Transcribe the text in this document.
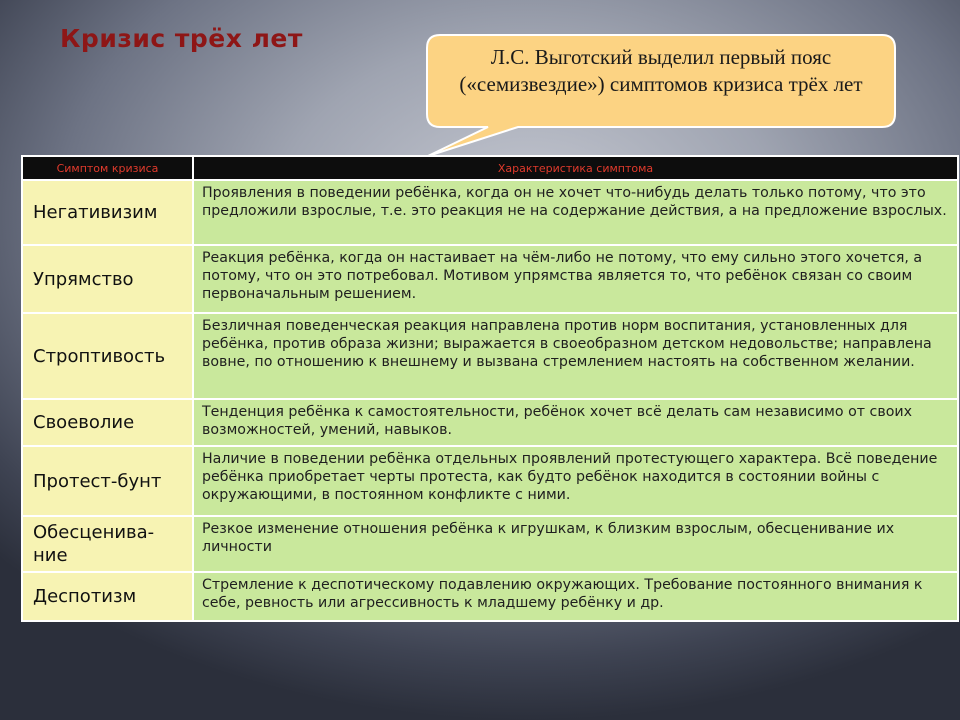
Кризис трёх лет
Л.С. Выготский выделил первый пояс («семизвездие») симптомов кризиса трёх лет
Симптом кризиса	Характеристика симптома
Негативизим	Проявления в поведении ребёнка, когда он не хочет что-нибудь делать только потому, что это предложили взрослые, т.е. это реакция не на содержание действия, а на предложение взрослых.
Упрямство	Реакция ребёнка, когда он настаивает на чём-либо не потому, что ему сильно этого хочется, а потому, что он это потребовал. Мотивом упрямства является то, что ребёнок связан со своим первоначальным решением.
Строптивость	Безличная поведенческая реакция направлена против норм воспитания, установленных для ребёнка, против образа жизни; выражается в своеобразном детском недовольстве; направлена вовне, по отношению к внешнему и вызвана стремлением настоять на собственном желании.
Своеволие	Тенденция ребёнка к самостоятельности, ребёнок хочет всё делать сам независимо от своих возможностей, умений, навыков.
Протест-бунт	Наличие в поведении ребёнка отдельных проявлений протестующего характера. Всё поведение ребёнка приобретает черты протеста, как будто ребёнок находится в состоянии войны с окружающими, в постоянном конфликте с ними.
Обесценива-ние	Резкое изменение отношения ребёнка к игрушкам, к близким взрослым, обесценивание их личности
Деспотизм	Стремление к деспотическому подавлению окружающих. Требование постоянного внимания к себе, ревность или агрессивность к младшему ребёнку и др.
